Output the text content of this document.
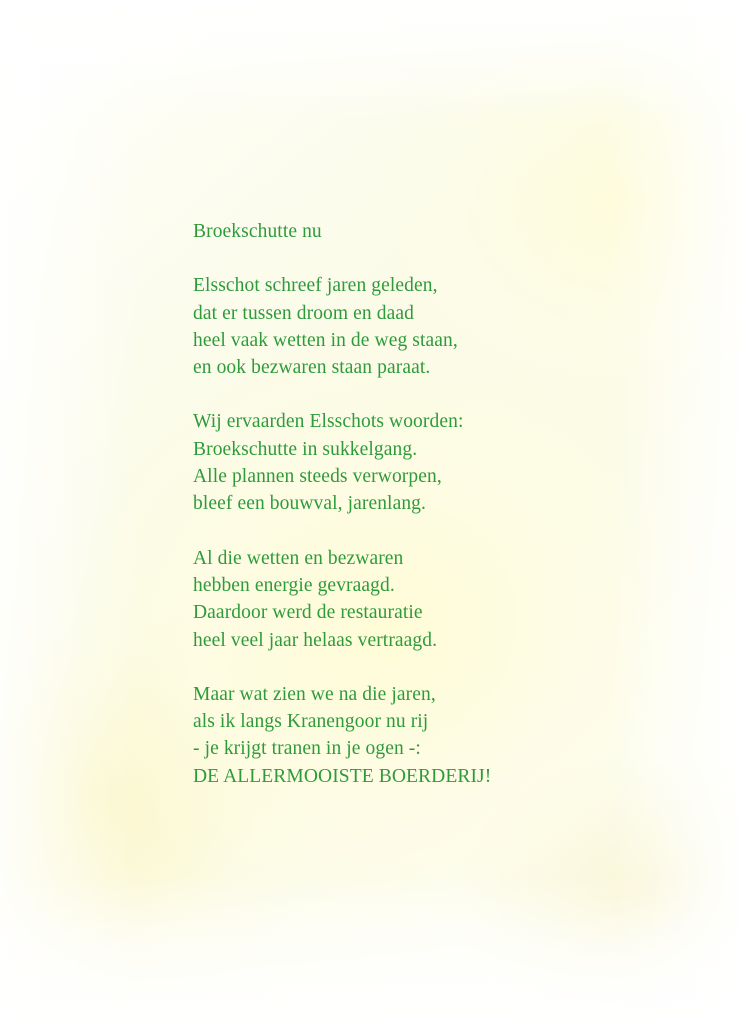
Broekschutte nu
Elsschot schreef jaren geleden,
dat er tussen droom en daad
heel vaak wetten in de weg staan,
en ook bezwaren staan paraat.
Wij ervaarden Elsschots woorden:
Broekschutte in sukkelgang.
Alle plannen steeds verworpen,
bleef een bouwval, jarenlang.
Al die wetten en bezwaren
hebben energie gevraagd.
Daardoor werd de restauratie
heel veel jaar helaas vertraagd.
Maar wat zien we na die jaren,
als ik langs Kranengoor nu rij
- je krijgt tranen in je ogen -:
DE ALLERMOOISTE BOERDERIJ!
